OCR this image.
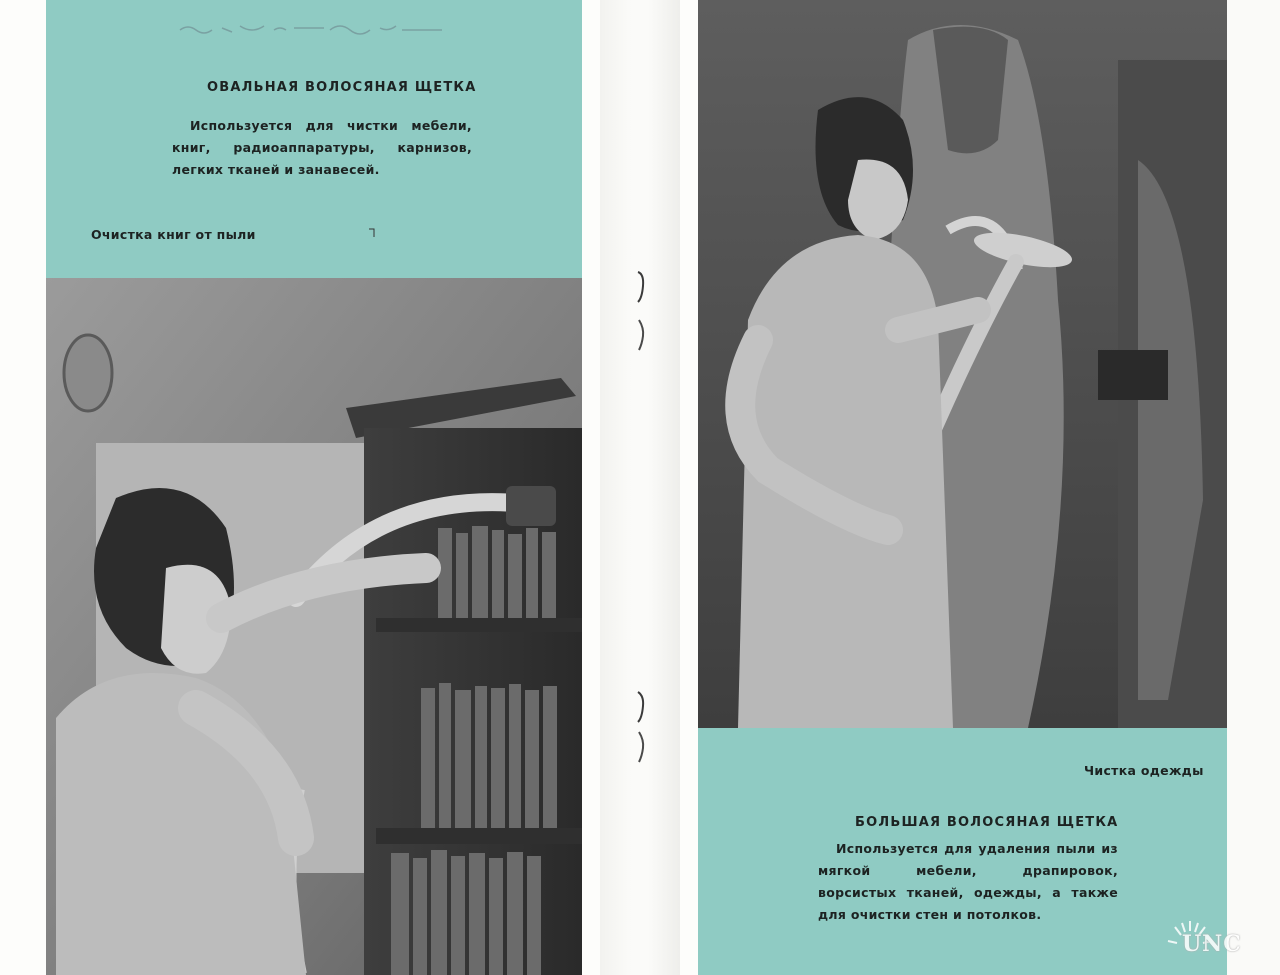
ОВАЛЬНАЯ ВОЛОСЯНАЯ ЩЕТКА
Используется для чистки мебели, книг, радиоаппаратуры, карнизов, легких тканей и занавесей.
Очистка книг от пыли
Чистка одежды
БОЛЬШАЯ ВОЛОСЯНАЯ ЩЕТКА
Используется для удаления пыли из мягкой мебели, драпировок, ворсистых тканей, одежды, а также для очистки стен и потолков.
UNC
